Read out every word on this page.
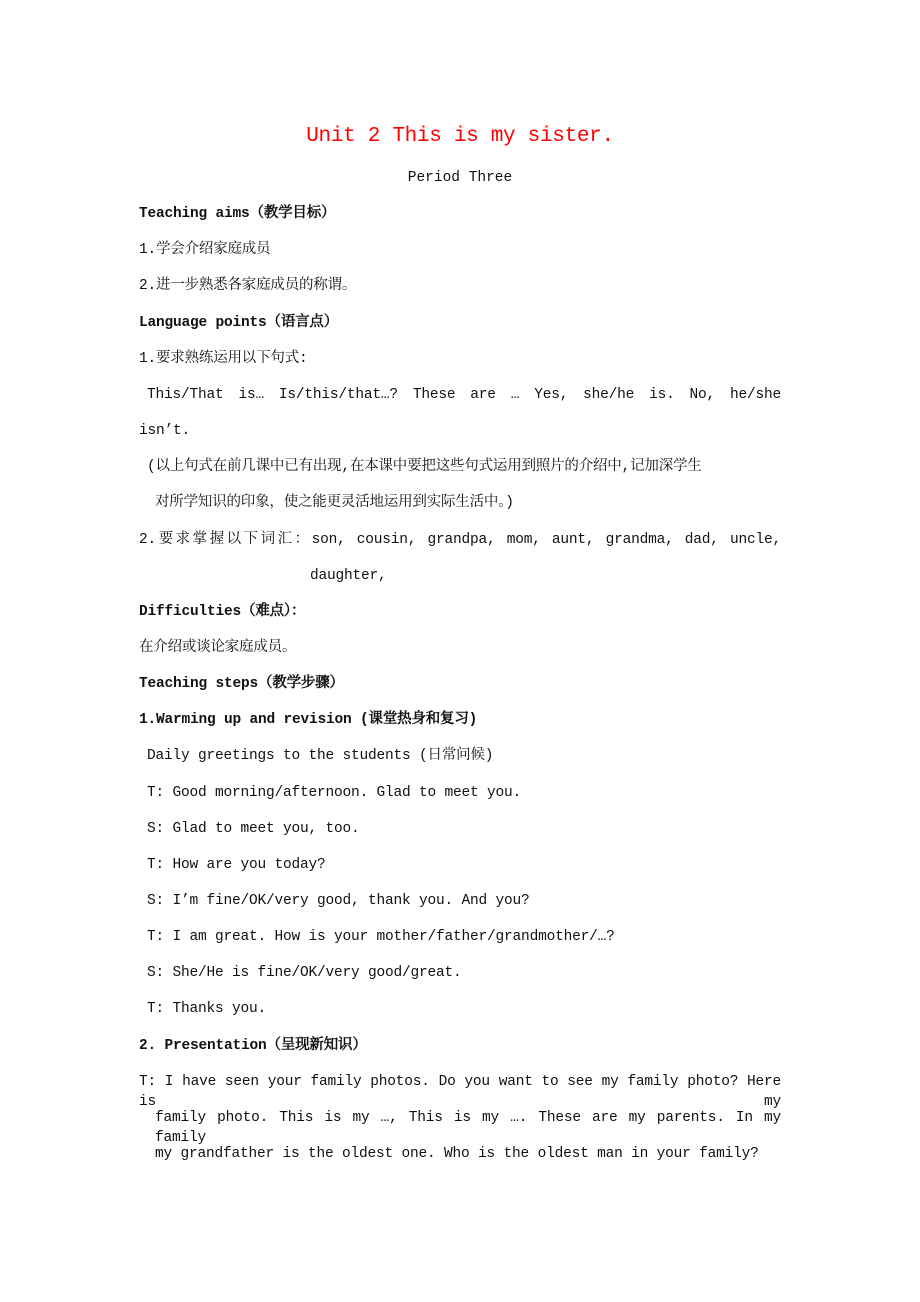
Unit 2 This is my sister.
Period Three
Teaching aims（教学目标）
1.学会介绍家庭成员
2.进一步熟悉各家庭成员的称谓。
Language points（语言点）
1.要求熟练运用以下句式:
This/That is… Is/this/that…? These are … Yes, she/he is. No, he/she
isn’t.
(以上句式在前几课中已有出现,在本课中要把这些句式运用到照片的介绍中,记加深学生
对所学知识的印象，使之能更灵活地运用到实际生活中。)
2.要求掌握以下词汇：son, cousin, grandpa, mom, aunt, grandma, dad, uncle,
daughter,
Difficulties（难点）：
在介绍或谈论家庭成员。
Teaching steps（教学步骤）
1.Warming up and revision (课堂热身和复习)
Daily greetings to the students (日常问候)
T: Good morning/afternoon. Glad to meet you.
S: Glad to meet you, too.
T: How are you today?
S: I’m fine/OK/very good, thank you. And you?
T: I am great. How is your mother/father/grandmother/…?
S: She/He is fine/OK/very good/great.
T: Thanks you.
2. Presentation（呈现新知识）
T: I have seen your family photos. Do you want to see my family photo? Here is my
family photo. This is my …, This is my …. These are my parents. In my family
my grandfather is the oldest one. Who is the oldest man in your family?
